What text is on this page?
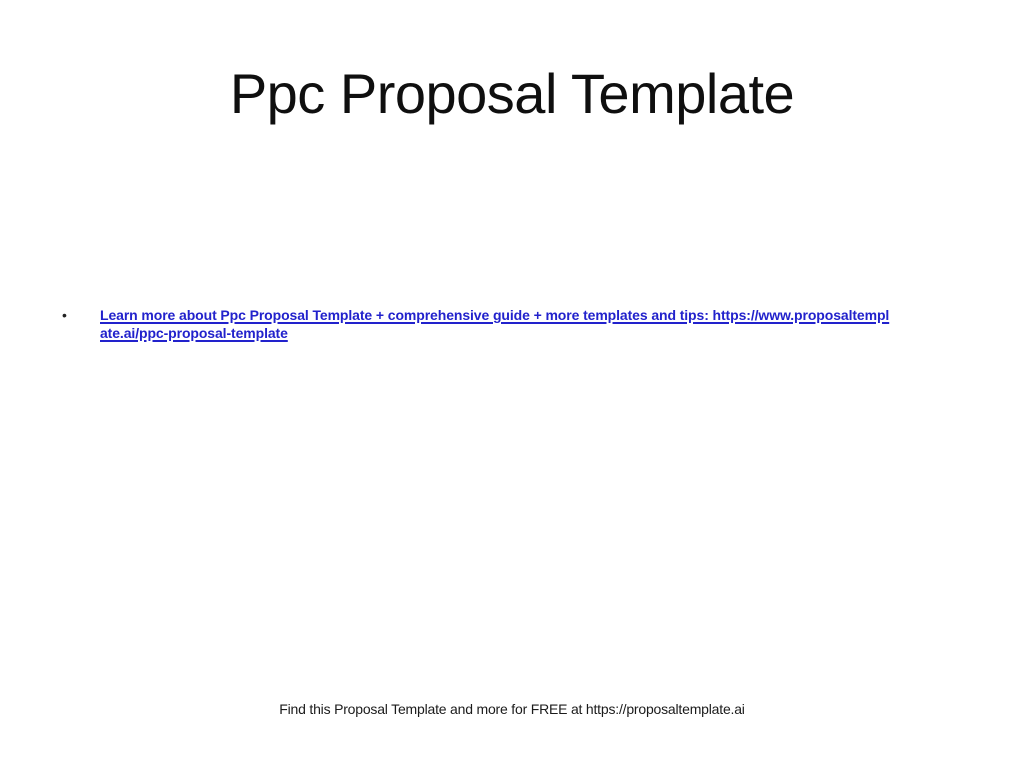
Ppc Proposal Template
• Learn more about Ppc Proposal Template + comprehensive guide + more templates and tips: https://www.proposaltempl
ate.ai/ppc-proposal-template

Find this Proposal Template and more for FREE at https://proposaltemplate.ai
